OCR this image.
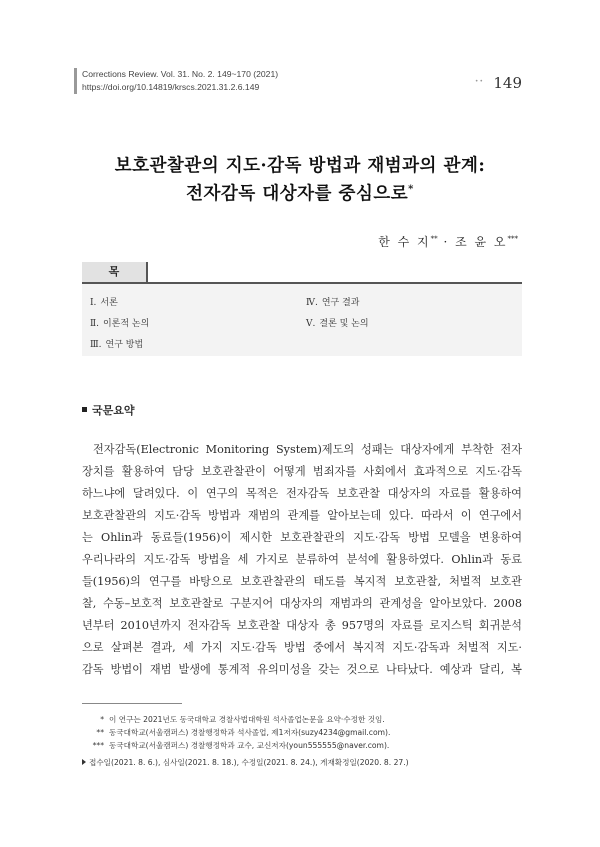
Corrections Review. Vol. 31. No. 2. 149~170 (2021)
https://doi.org/10.14819/krscs.2021.31.2.6.149
•• 149
보호관찰관의 지도·감독 방법과 재범과의 관계:
전자감독 대상자를 중심으로*
한 수 지** · 조 윤 오***
목
Ⅰ. 서론
Ⅱ. 이론적 논의
Ⅲ. 연구 방법
Ⅳ. 연구 결과
Ⅴ. 결론 및 논의
국문요약
전자감독(Electronic Monitoring System)제도의 성패는 대상자에게 부착한 전자
장치를 활용하여 담당 보호관찰관이 어떻게 범죄자를 사회에서 효과적으로 지도·감독
하느냐에 달려있다. 이 연구의 목적은 전자감독 보호관찰 대상자의 자료를 활용하여
보호관찰관의 지도·감독 방법과 재범의 관계를 알아보는데 있다. 따라서 이 연구에서
는 Ohlin과 동료들(1956)이 제시한 보호관찰관의 지도·감독 방법 모델을 변용하여
우리나라의 지도·감독 방법을 세 가지로 분류하여 분석에 활용하였다. Ohlin과 동료
들(1956)의 연구를 바탕으로 보호관찰관의 태도를 복지적 보호관찰, 처벌적 보호관
찰, 수동–보호적 보호관찰로 구분지어 대상자의 재범과의 관계성을 알아보았다. 2008
년부터 2010년까지 전자감독 보호관찰 대상자 총 957명의 자료를 로지스틱 회귀분석
으로 살펴본 결과, 세 가지 지도·감독 방법 중에서 복지적 지도·감독과 처벌적 지도·
감독 방법이 재범 발생에 통계적 유의미성을 갖는 것으로 나타났다. 예상과 달리, 복
* 이 연구는 2021년도 동국대학교 경찰사법대학원 석사졸업논문을 요약·수정한 것임.
** 동국대학교(서울캠퍼스) 경찰행정학과 석사졸업, 제1저자(suzy4234@gmail.com).
*** 동국대학교(서울캠퍼스) 경찰행정학과 교수, 교신저자(youn555555@naver.com).
접수일(2021. 8. 6.), 심사일(2021. 8. 18.), 수정일(2021. 8. 24.), 게재확정일(2020. 8. 27.)
